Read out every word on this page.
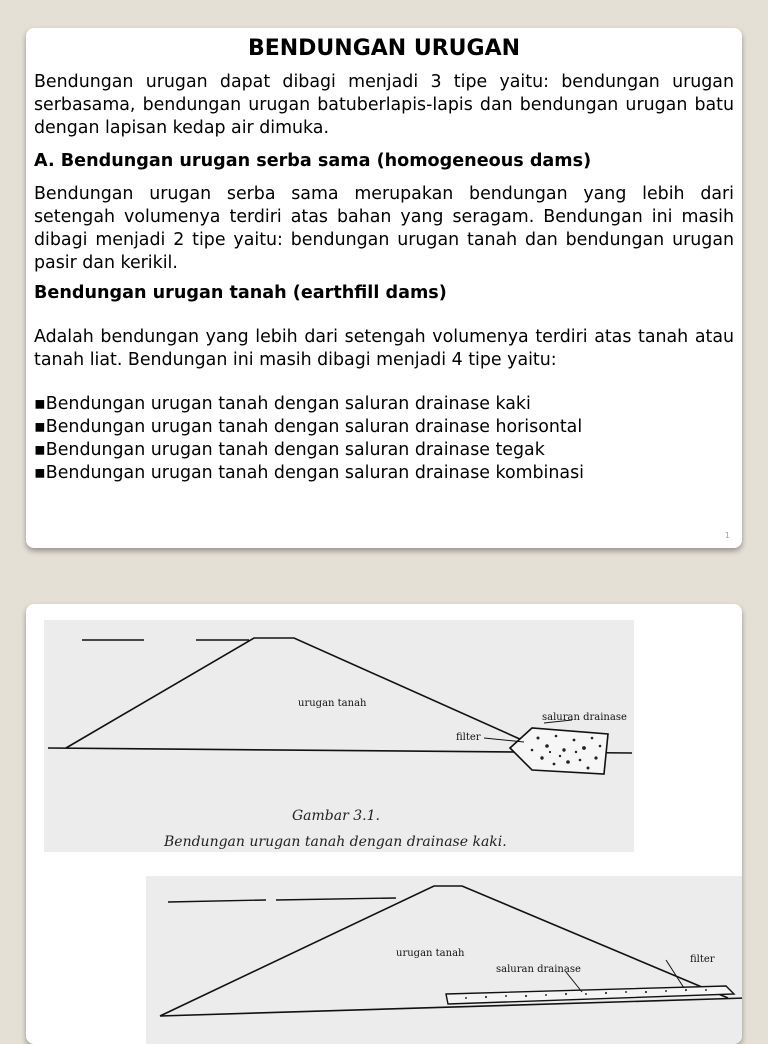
BENDUNGAN URUGAN

Bendungan urugan dapat dibagi menjadi 3 tipe yaitu: bendungan urugan serbasama, bendungan urugan batuberlapis-lapis dan bendungan urugan batu dengan lapisan kedap air dimuka.

A. Bendungan urugan serba sama (homogeneous dams)

Bendungan urugan serba sama merupakan bendungan yang lebih dari setengah volumenya terdiri atas bahan yang seragam. Bendungan ini masih dibagi menjadi 2 tipe yaitu: bendungan urugan tanah dan bendungan urugan pasir dan kerikil.

Bendungan urugan tanah (earthfill dams)

Adalah bendungan yang lebih dari setengah volumenya terdiri atas tanah atau tanah liat. Bendungan ini masih dibagi menjadi 4 tipe yaitu:

▪Bendungan urugan tanah dengan saluran drainase kaki
▪Bendungan urugan tanah dengan saluran drainase horisontal
▪Bendungan urugan tanah dengan saluran drainase tegak
▪Bendungan urugan tanah dengan saluran drainase kombinasi
1
urugan tanah
saluran drainase
filter
Gambar 3.1.
Bendungan urugan tanah dengan drainase kaki.
urugan tanah
saluran drainase
filter
